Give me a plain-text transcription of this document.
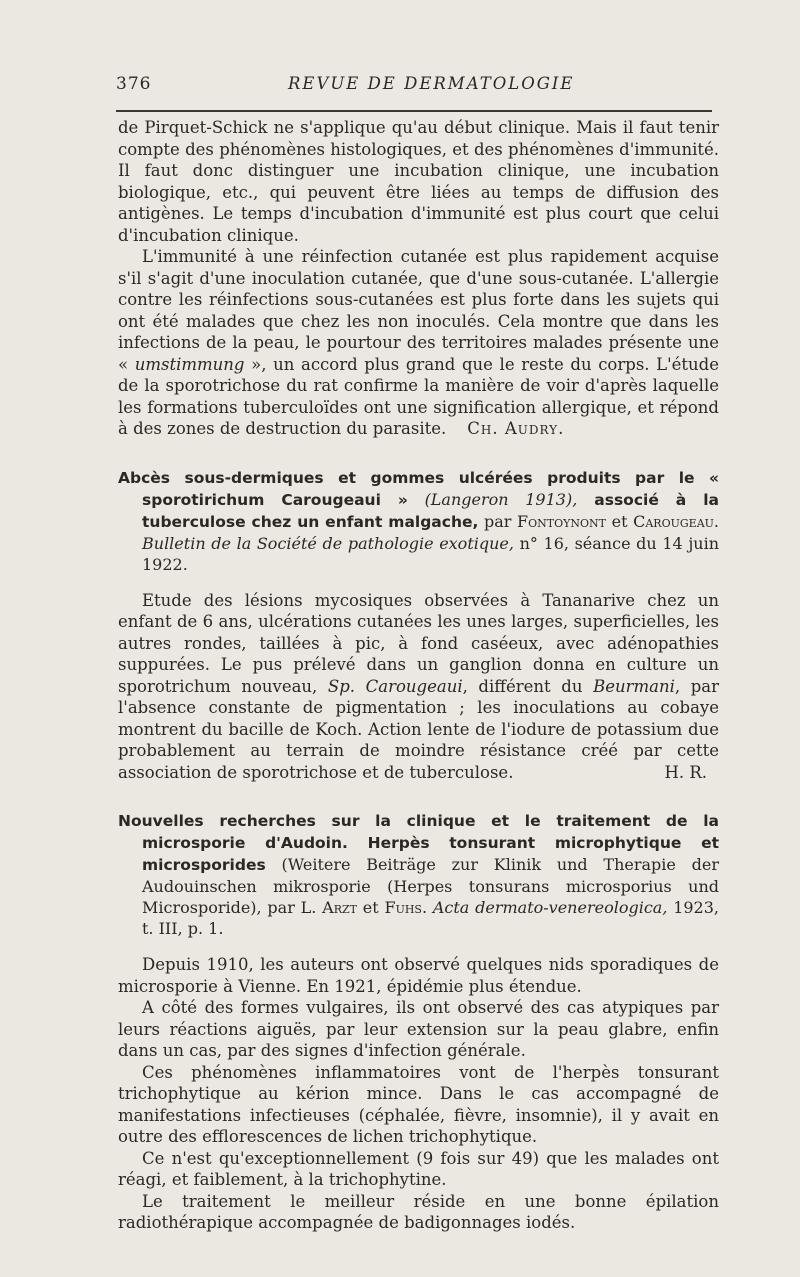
376	REVUE DE DERMATOLOGIE

de Pirquet-Schick ne s'applique qu'au début clinique. Mais il faut tenir compte des phénomènes histologiques, et des phénomènes d'immunité. Il faut donc distinguer une incubation clinique, une incubation biologique, etc., qui peuvent être liées au temps de diffusion des antigènes. Le temps d'incubation d'immunité est plus court que celui d'incubation clinique.

L'immunité à une réinfection cutanée est plus rapidement acquise s'il s'agit d'une inoculation cutanée, que d'une sous-cutanée. L'allergie contre les réinfections sous-cutanées est plus forte dans les sujets qui ont été malades que chez les non inoculés. Cela montre que dans les infections de la peau, le pourtour des territoires malades présente une « umstimmung », un accord plus grand que le reste du corps. L'étude de la sporotrichose du rat confirme la manière de voir d'après laquelle les formations tuberculoïdes ont une signification allergique, et répond à des zones de destruction du parasite. Ch. Audry.

Abcès sous-dermiques et gommes ulcérées produits par le « sporotirichum Carougeaui » (Langeron 1913), associé à la tuberculose chez un enfant malgache, par Fontoynont et Carougeau. Bulletin de la Société de pathologie exotique, n° 16, séance du 14 juin 1922.

Etude des lésions mycosiques observées à Tananarive chez un enfant de 6 ans, ulcérations cutanées les unes larges, superficielles, les autres rondes, taillées à pic, à fond caséeux, avec adénopathies suppurées. Le pus prélevé dans un ganglion donna en culture un sporotrichum nouveau, Sp. Carougeaui, différent du Beurmani, par l'absence constante de pigmentation ; les inoculations au cobaye montrent du bacille de Koch. Action lente de l'iodure de potassium due probablement au terrain de moindre résistance créé par cette association de sporotrichose et de tuberculose.	H. R.

Nouvelles recherches sur la clinique et le traitement de la microsporie d'Audoin. Herpès tonsurant microphytique et microsporides (Weitere Beiträge zur Klinik und Therapie der Audouinschen mikrosporie (Herpes tonsurans microsporius und Microsporide), par L. Arzt et Fuhs. Acta dermato-venereologica, 1923, t. III, p. 1.

Depuis 1910, les auteurs ont observé quelques nids sporadiques de microsporie à Vienne. En 1921, épidémie plus étendue.

A côté des formes vulgaires, ils ont observé des cas atypiques par leurs réactions aiguës, par leur extension sur la peau glabre, enfin dans un cas, par des signes d'infection générale.

Ces phénomènes inflammatoires vont de l'herpès tonsurant trichophytique au kérion mince. Dans le cas accompagné de manifestations infectieuses (céphalée, fièvre, insomnie), il y avait en outre des efflorescences de lichen trichophytique.

Ce n'est qu'exceptionnellement (9 fois sur 49) que les malades ont réagi, et faiblement, à la trichophytine.

Le traitement le meilleur réside en une bonne épilation radiothérapique accompagnée de badigonnages iodés.
